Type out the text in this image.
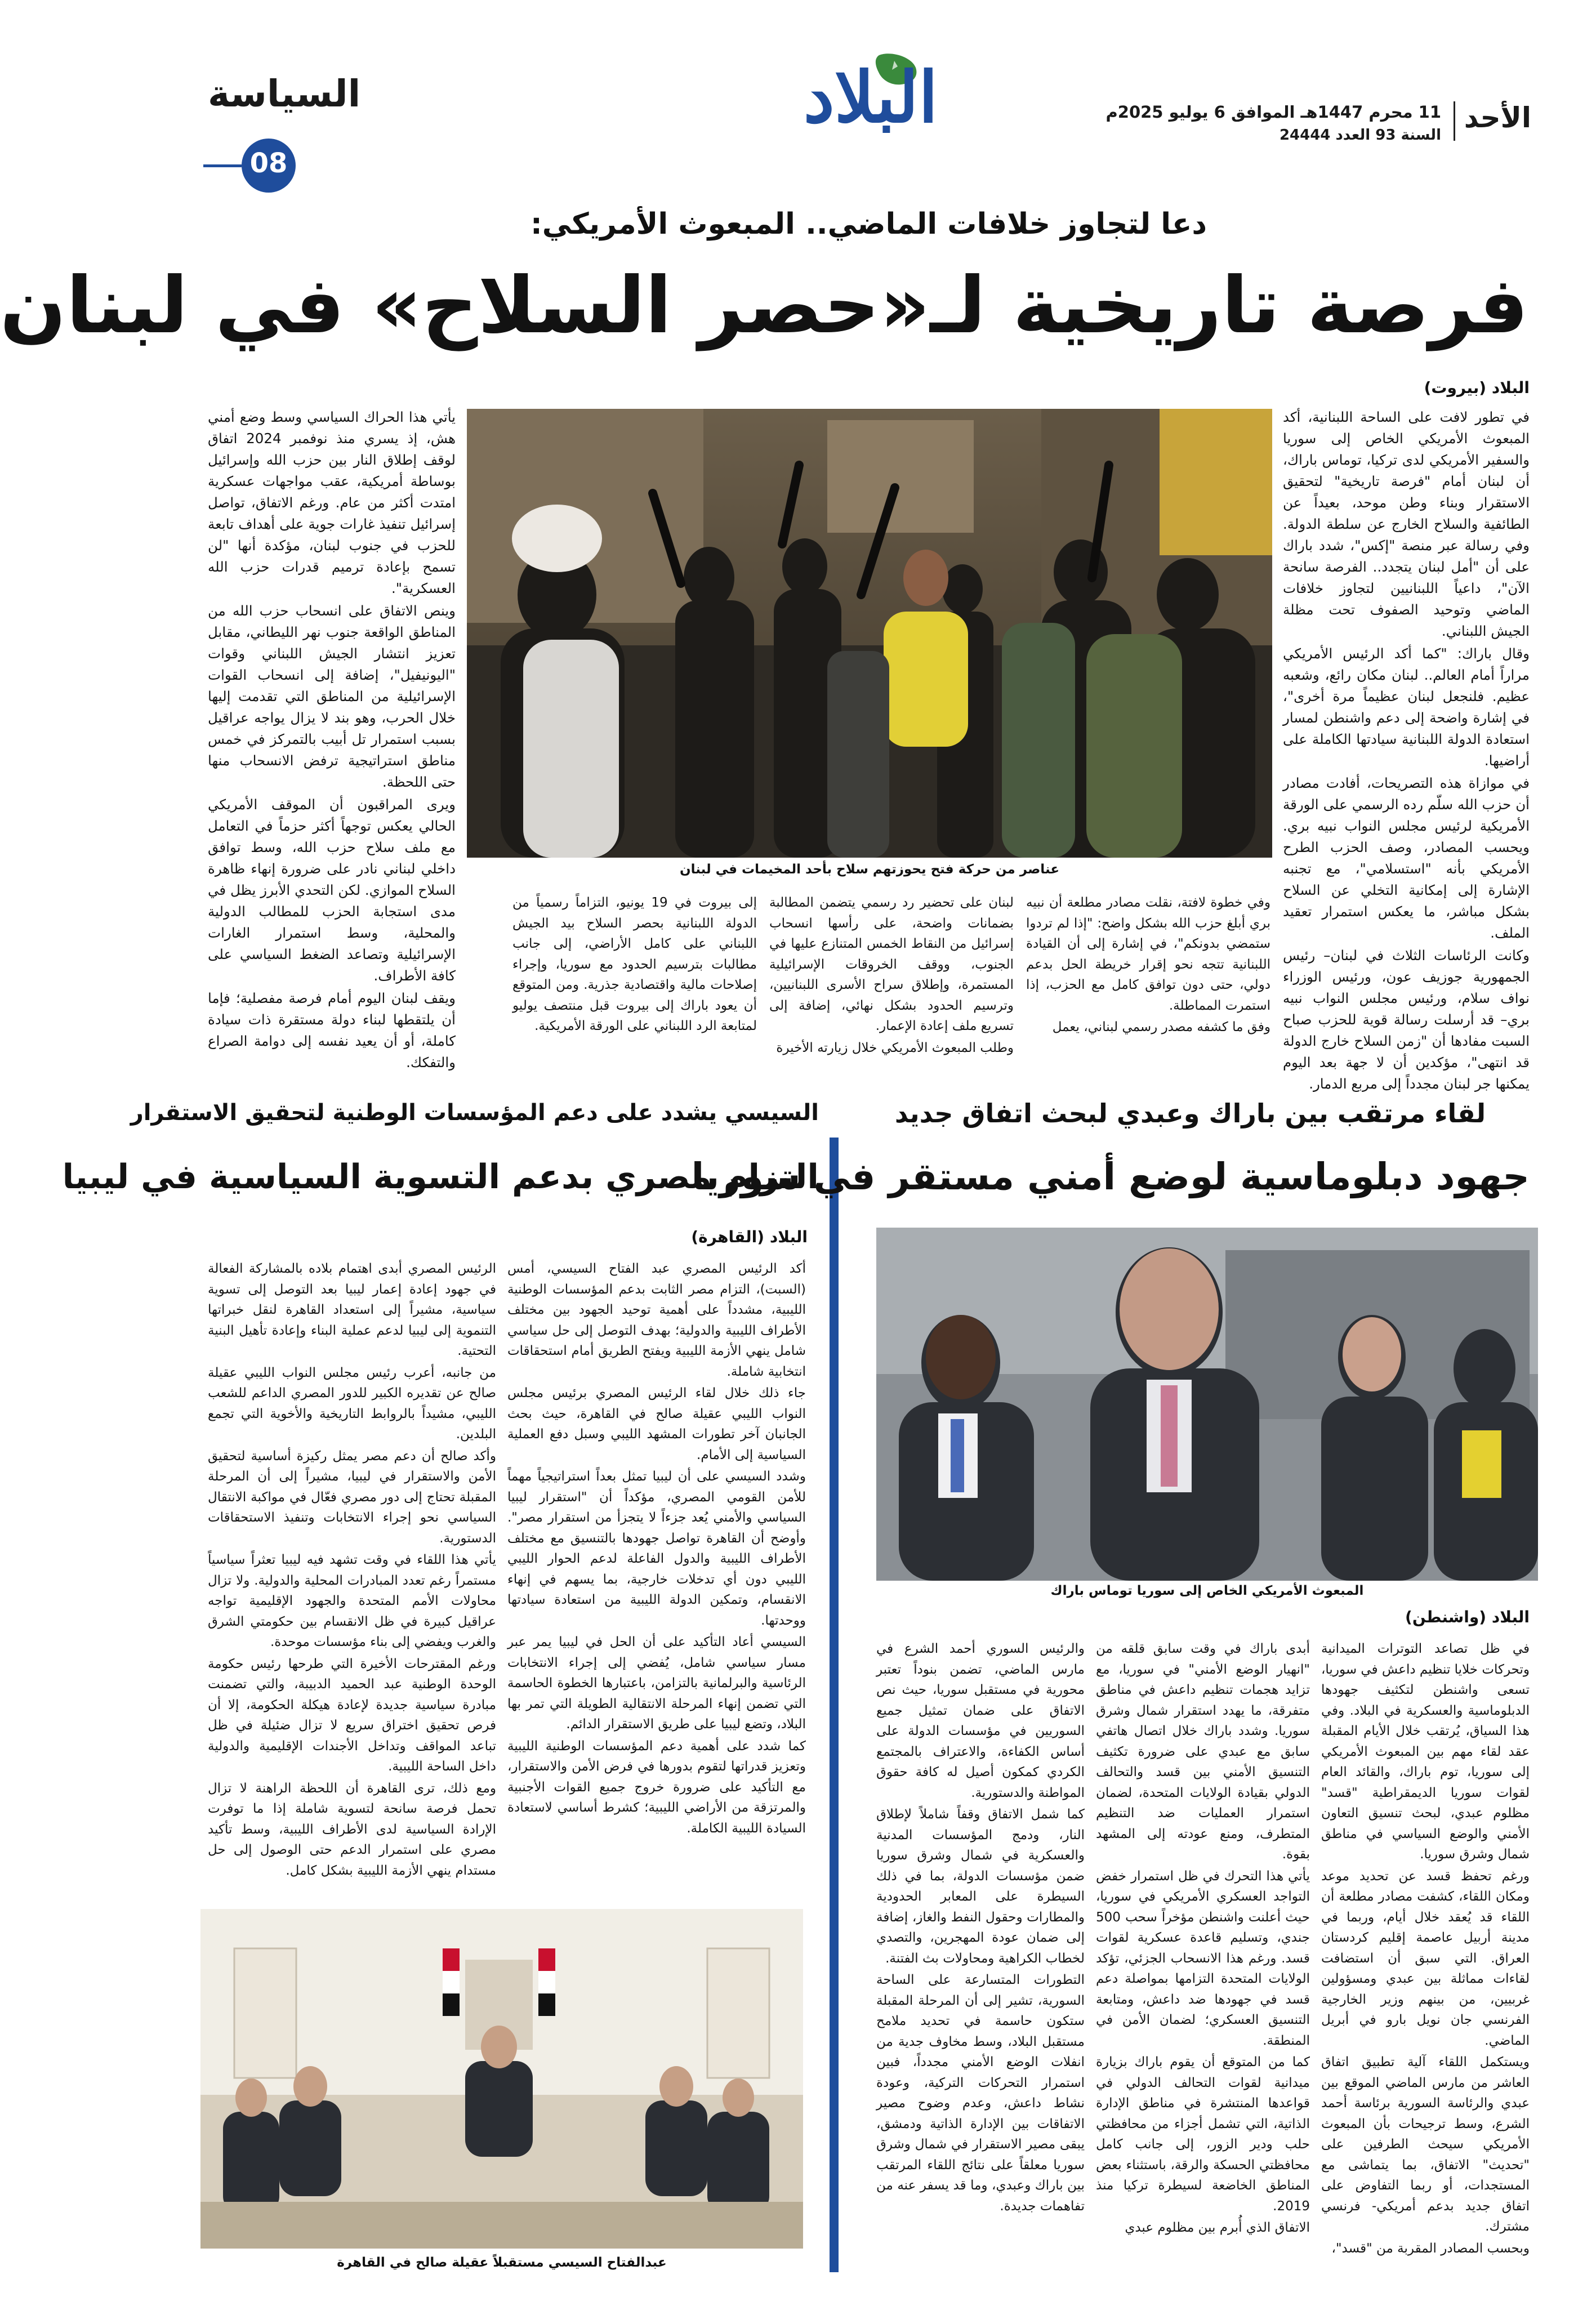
الأحد
11 محرم 1447هـ الموافق 6 يوليو 2025م
السنة 93 العدد 24444
البلاد
السياسة
08
دعا لتجاوز خلافات الماضي.. المبعوث الأمريكي:
فرصة تاريخية لـ«حصر السلاح» في لبنان
البلاد (بيروت)
عناصر من حركة فتح يحوزتهم سلاح بأحد المخيمات في لبنان

في تطور لافت على الساحة اللبنانية، أكد المبعوث الأمريكي الخاص إلى سوريا والسفير الأمريكي لدى تركيا، توماس باراك، أن لبنان أمام "فرصة تاريخية" لتحقيق الاستقرار وبناء وطن موحد، بعيداً عن الطائفية والسلاح الخارج عن سلطة الدولة. وفي رسالة عبر منصة "إكس"، شدد باراك على أن "أمل لبنان يتجدد.. الفرصة سانحة الآن"، داعياً اللبنانيين لتجاوز خلافات الماضي وتوحيد الصفوف تحت مظلة الجيش اللبناني.

وقال باراك: "كما أكد الرئيس الأمريكي مراراً أمام العالم.. لبنان مكان رائع، وشعبه عظيم. فلنجعل لبنان عظيماً مرة أخرى"، في إشارة واضحة إلى دعم واشنطن لمسار استعادة الدولة اللبنانية سيادتها الكاملة على أراضيها.

في موازاة هذه التصريحات، أفادت مصادر أن حزب الله سلّم رده الرسمي على الورقة الأمريكية لرئيس مجلس النواب نبيه بري. ويحسب المصادر، وصف الحزب الطرح الأمريكي بأنه "استسلامي"، مع تجنبه الإشارة إلى إمكانية التخلي عن السلاح بشكل مباشر، ما يعكس استمرار تعقيد الملف.

وكانت الرئاسات الثلاث في لبنان– رئيس الجمهورية جوزيف عون، ورئيس الوزراء نواف سلام، ورئيس مجلس النواب نبيه بري– قد أرسلت رسالة قوية للحزب صباح السبت مفادها أن "زمن السلاح خارج الدولة قد انتهى"، مؤكدين أن لا جهة بعد اليوم يمكنها جر لبنان مجدداً إلى مربع الدمار.

وفي خطوة لافتة، نقلت مصادر مطلعة أن نبيه بري أبلغ حزب الله بشكل واضح: "إذا لم تردوا ستمضي بدونكم"، في إشارة إلى أن القيادة اللبنانية تتجه نحو إقرار خريطة الحل بدعم دولي، حتى دون توافق كامل مع الحزب، إذا استمرت المماطلة.

وفق ما كشفه مصدر رسمي لبناني، يعمل

لبنان على تحضير رد رسمي يتضمن المطالبة بضمانات واضحة، على رأسها انسحاب إسرائيل من النقاط الخمس المتنازع عليها في الجنوب، ووقف الخروقات الإسرائيلية المستمرة، وإطلاق سراح الأسرى اللبنانيين، وترسيم الحدود بشكل نهائي، إضافة إلى تسريع ملف إعادة الإعمار.

وطلب المبعوث الأمريكي خلال زيارته الأخيرة

إلى بيروت في 19 يونيو، التزاماً رسمياً من الدولة اللبنانية بحصر السلاح بيد الجيش اللبناني على كامل الأراضي، إلى جانب مطالبات بترسيم الحدود مع سوريا، وإجراء إصلاحات مالية واقتصادية جذرية. ومن المتوقع أن يعود باراك إلى بيروت قبل منتصف يوليو لمتابعة الرد اللبناني على الورقة الأمريكية.

يأتي هذا الحراك السياسي وسط وضع أمني هش، إذ يسري منذ نوفمبر 2024 اتفاق لوقف إطلاق النار بين حزب الله وإسرائيل بوساطة أمريكية، عقب مواجهات عسكرية امتدت أكثر من عام. ورغم الاتفاق، تواصل إسرائيل تنفيذ غارات جوية على أهداف تابعة للحزب في جنوب لبنان، مؤكدة أنها "لن تسمح بإعادة ترميم قدرات حزب الله العسكرية".

وينص الاتفاق على انسحاب حزب الله من المناطق الواقعة جنوب نهر الليطاني، مقابل تعزيز انتشار الجيش اللبناني وقوات "اليونيفيل"، إضافة إلى انسحاب القوات الإسرائيلية من المناطق التي تقدمت إليها خلال الحرب، وهو بند لا يزال يواجه عراقيل بسبب استمرار تل أبيب بالتمركز في خمس مناطق استراتيجية ترفض الانسحاب منها حتى اللحظة.

ويرى المراقبون أن الموقف الأمريكي الحالي يعكس توجهاً أكثر حزماً في التعامل مع ملف سلاح حزب الله، وسط توافق داخلي لبناني نادر على ضرورة إنهاء ظاهرة السلاح الموازي. لكن التحدي الأبرز يظل في مدى استجابة الحزب للمطالب الدولية والمحلية، وسط استمرار الغارات الإسرائيلية وتصاعد الضغط السياسي على كافة الأطراف.

ويقف لبنان اليوم أمام فرصة مفصلية؛ فإما أن يلتقطها لبناء دولة مستقرة ذات سيادة كاملة، أو أن يعيد نفسه إلى دوامة الصراع والتفكك.

لقاء مرتقب بين باراك وعبدي لبحث اتفاق جديد
جهود دبلوماسية لوضع أمني مستقر في سوريا
المبعوث الأمريكي الخاص إلى سوريا توماس باراك
البلاد (واشنطن)

في ظل تصاعد التوترات الميدانية وتحركات خلايا تنظيم داعش في سوريا، تسعى واشنطن لتكثيف جهودها الدبلوماسية والعسكرية في البلاد. وفي هذا السياق، يُرتقب خلال الأيام المقبلة عقد لقاء مهم بين المبعوث الأمريكي إلى سوريا، توم باراك، والقائد العام لقوات سوريا الديمقراطية "قسد" مظلوم عبدي، لبحث تنسيق التعاون الأمني والوضع السياسي في مناطق شمال وشرق سوريا.

ورغم تحفظ قسد عن تحديد موعد ومكان اللقاء، كشفت مصادر مطلعة أن اللقاء قد يُعقد خلال أيام، وربما في مدينة أربيل عاصمة إقليم كردستان العراق. التي سبق أن استضافت لقاءات مماثلة بين عبدي ومسؤولين غربيين، من بينهم وزير الخارجية الفرنسي جان نويل بارو في أبريل الماضي.

ويستكمل اللقاء آلية تطبيق اتفاق العاشر من مارس الماضي الموقع بين عبدي والرئاسة السورية برئاسة أحمد الشرع، وسط ترجيحات بأن المبعوث الأمريكي سيحث الطرفين على "تحديث" الاتفاق، بما يتماشى مع المستجدات، أو ربما التفاوض على اتفاق جديد بدعم أمريكي- فرنسي مشترك.

وبحسب المصادر المقربة من "قسد"،

أبدى باراك في وقت سابق قلقه من "انهيار الوضع الأمني" في سوريا، مع تزايد هجمات تنظيم داعش في مناطق متفرقة، ما يهدد استقرار شمال وشرق سوريا. وشدد باراك خلال اتصال هاتفي سابق مع عبدي على ضرورة تكثيف التنسيق الأمني بين قسد والتحالف الدولي بقيادة الولايات المتحدة، لضمان استمرار العمليات ضد التنظيم المتطرف، ومنع عودته إلى المشهد بقوة.

يأتي هذا التحرك في ظل استمرار خفض التواجد العسكري الأمريكي في سوريا، حيث أعلنت واشنطن مؤخراً سحب 500 جندي، وتسليم قاعدة عسكرية لقوات قسد. ورغم هذا الانسحاب الجزئي، تؤكد الولايات المتحدة التزامها بمواصلة دعم قسد في جهودها ضد داعش، ومتابعة التنسيق العسكري؛ لضمان الأمن في المنطقة.

كما من المتوقع أن يقوم باراك بزيارة ميدانية لقوات التحالف الدولي في قواعدها المنتشرة في مناطق الإدارة الذاتية، التي تشمل أجزاء من محافظتي حلب ودير الزور، إلى جانب كامل محافظتي الحسكة والرقة، باستثناء بعض المناطق الخاضعة لسيطرة تركيا منذ 2019.

الاتفاق الذي أُبرم بين مظلوم عبدي

والرئيس السوري أحمد الشرع في مارس الماضي، تضمن بنوداً تعتبر محورية في مستقبل سوريا، حيث نص الاتفاق على ضمان تمثيل جميع السوريين في مؤسسات الدولة على أساس الكفاءة، والاعتراف بالمجتمع الكردي كمكون أصيل له كافة حقوق المواطنة والدستورية.

كما شمل الاتفاق وقفاً شاملاً لإطلاق النار، ودمج المؤسسات المدنية والعسكرية في شمال وشرق سوريا ضمن مؤسسات الدولة، بما في ذلك السيطرة على المعابر الحدودية والمطارات وحقول النفط والغاز، إضافة إلى ضمان عودة المهجرين، والتصدي لخطاب الكراهية ومحاولات بث الفتنة.

التطورات المتسارعة على الساحة السورية، تشير إلى أن المرحلة المقبلة ستكون حاسمة في تحديد ملامح مستقبل البلاد، وسط مخاوف جدية من انفلات الوضع الأمني مجدداً، فبين استمرار التحركات التركية، وعودة نشاط داعش، وعدم وضوح مصير الاتفاقات بين الإدارة الذاتية ودمشق، يبقى مصير الاستقرار في شمال وشرق سوريا معلقاً على نتائج اللقاء المرتقب بين باراك وعبدي، وما قد يسفر عنه من تفاهمات جديدة.

السيسي يشدد على دعم المؤسسات الوطنية لتحقيق الاستقرار
التزام مصري بدعم التسوية السياسية في ليبيا
البلاد (القاهرة)

أكد الرئيس المصري عبد الفتاح السيسي، أمس (السبت)، التزام مصر الثابت بدعم المؤسسات الوطنية الليبية، مشدداً على أهمية توحيد الجهود بين مختلف الأطراف الليبية والدولية؛ بهدف التوصل إلى حل سياسي شامل ينهي الأزمة الليبية ويفتح الطريق أمام استحقاقات انتخابية شاملة.

جاء ذلك خلال لقاء الرئيس المصري برئيس مجلس النواب الليبي عقيلة صالح في القاهرة، حيث بحث الجانبان آخر تطورات المشهد الليبي وسبل دفع العملية السياسية إلى الأمام.

وشدد السيسي على أن ليبيا تمثل بعداً استراتيجياً مهماً للأمن القومي المصري، مؤكداً أن "استقرار ليبيا السياسي والأمني يُعد جزءاً لا يتجزأ من استقرار مصر". وأوضح أن القاهرة تواصل جهودها بالتنسيق مع مختلف الأطراف الليبية والدول الفاعلة لدعم الحوار الليبي الليبي دون أي تدخلات خارجية، بما يسهم في إنهاء الانقسام، وتمكين الدولة الليبية من استعادة سيادتها ووحدتها.

السيسي أعاد التأكيد على أن الحل في ليبيا يمر عبر مسار سياسي شامل، يُفضي إلى إجراء الانتخابات الرئاسية والبرلمانية بالتزامن، باعتبارها الخطوة الحاسمة التي تضمن إنهاء المرحلة الانتقالية الطويلة التي تمر بها البلاد، وتضع ليبيا على طريق الاستقرار الدائم.

كما شدد على أهمية دعم المؤسسات الوطنية الليبية وتعزيز قدراتها لتقوم بدورها في فرض الأمن والاستقرار، مع التأكيد على ضرورة خروج جميع القوات الأجنبية والمرتزقة من الأراضي الليبية؛ كشرط أساسي لاستعادة السيادة الليبية الكاملة.

الرئيس المصري أبدى اهتمام بلاده بالمشاركة الفعالة في جهود إعادة إعمار ليبيا بعد التوصل إلى تسوية سياسية، مشيراً إلى استعداد القاهرة لنقل خبراتها التنموية إلى ليبيا لدعم عملية البناء وإعادة تأهيل البنية التحتية.

من جانبه، أعرب رئيس مجلس النواب الليبي عقيلة صالح عن تقديره الكبير للدور المصري الداعم للشعب الليبي، مشيداً بالروابط التاريخية والأخوية التي تجمع البلدين.

وأكد صالح أن دعم مصر يمثل ركيزة أساسية لتحقيق الأمن والاستقرار في ليبيا، مشيراً إلى أن المرحلة المقبلة تحتاج إلى دور مصري فعّال في مواكبة الانتقال السياسي نحو إجراء الانتخابات وتنفيذ الاستحقاقات الدستورية.

يأتي هذا اللقاء في وقت تشهد فيه ليبيا تعثراً سياسياً مستمراً رغم تعدد المبادرات المحلية والدولية. ولا تزال محاولات الأمم المتحدة والجهود الإقليمية تواجه عراقيل كبيرة في ظل الانقسام بين حكومتي الشرق والغرب ويفضي إلى بناء مؤسسات موحدة.

ورغم المقترحات الأخيرة التي طرحها رئيس حكومة الوحدة الوطنية عبد الحميد الدبيبة، والتي تضمنت مبادرة سياسية جديدة لإعادة هيكلة الحكومة، إلا أن فرص تحقيق اختراق سريع لا تزال ضئيلة في ظل تباعد المواقف وتداخل الأجندات الإقليمية والدولية داخل الساحة الليبية.

ومع ذلك، ترى القاهرة أن اللحظة الراهنة لا تزال تحمل فرصة سانحة لتسوية شاملة إذا ما توفرت الإرادة السياسية لدى الأطراف الليبية، وسط تأكيد مصري على استمرار الدعم حتى الوصول إلى حل مستدام ينهي الأزمة الليبية بشكل كامل.

عبدالفتاح السيسي مستقبلاً عقيلة صالح في القاهرة
